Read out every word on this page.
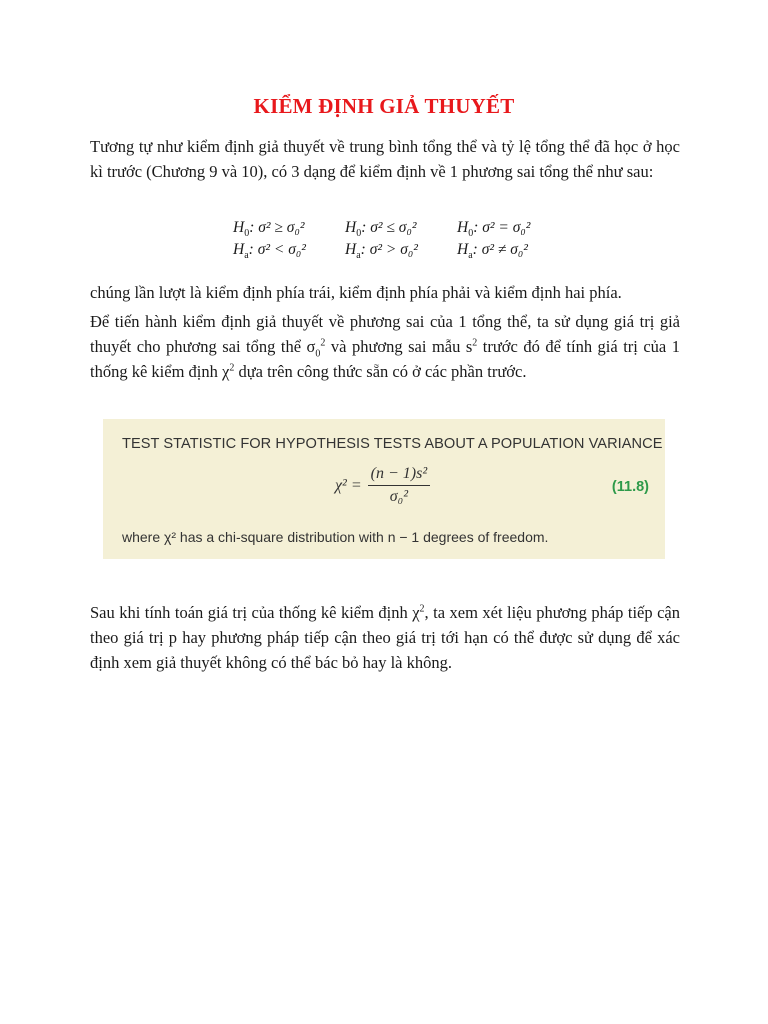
KIỂM ĐỊNH GIẢ THUYẾT

Tương tự như kiểm định giả thuyết về trung bình tổng thể và tỷ lệ tổng thể đã học ở học kì trước (Chương 9 và 10), có 3 dạng để kiểm định về 1 phương sai tổng thể như sau:

$H_0$: σ² ≥ σ₀²	$H_0$: σ² ≤ σ₀²	$H_0$: σ² = σ₀²
$H_a$: σ² < σ₀²	$H_a$: σ² > σ₀²	$H_a$: σ² ≠ σ₀²

chúng lần lượt là kiểm định phía trái, kiểm định phía phải và kiểm định hai phía.

Để tiến hành kiểm định giả thuyết về phương sai của 1 tổng thể, ta sử dụng giá trị giả thuyết cho phương sai tổng thể $\sigma_0^2$ và phương sai mẫu $s^2$ trước đó để tính giá trị của 1 thống kê kiểm định $\chi^2$ dựa trên công thức sẵn có ở các phần trước.

TEST STATISTIC FOR HYPOTHESIS TESTS ABOUT A POPULATION VARIANCE
$\chi^2 = \frac{\text{(n − 1)s²}}{\text{σ₀²}}$	(11.8)
where χ² has a chi-square distribution with n − 1 degrees of freedom.

Sau khi tính toán giá trị của thống kê kiểm định $\chi^2$, ta xem xét liệu phương pháp tiếp cận theo giá trị p hay phương pháp tiếp cận theo giá trị tới hạn có thể được sử dụng để xác định xem giả thuyết không có thể bác bỏ hay là không.
